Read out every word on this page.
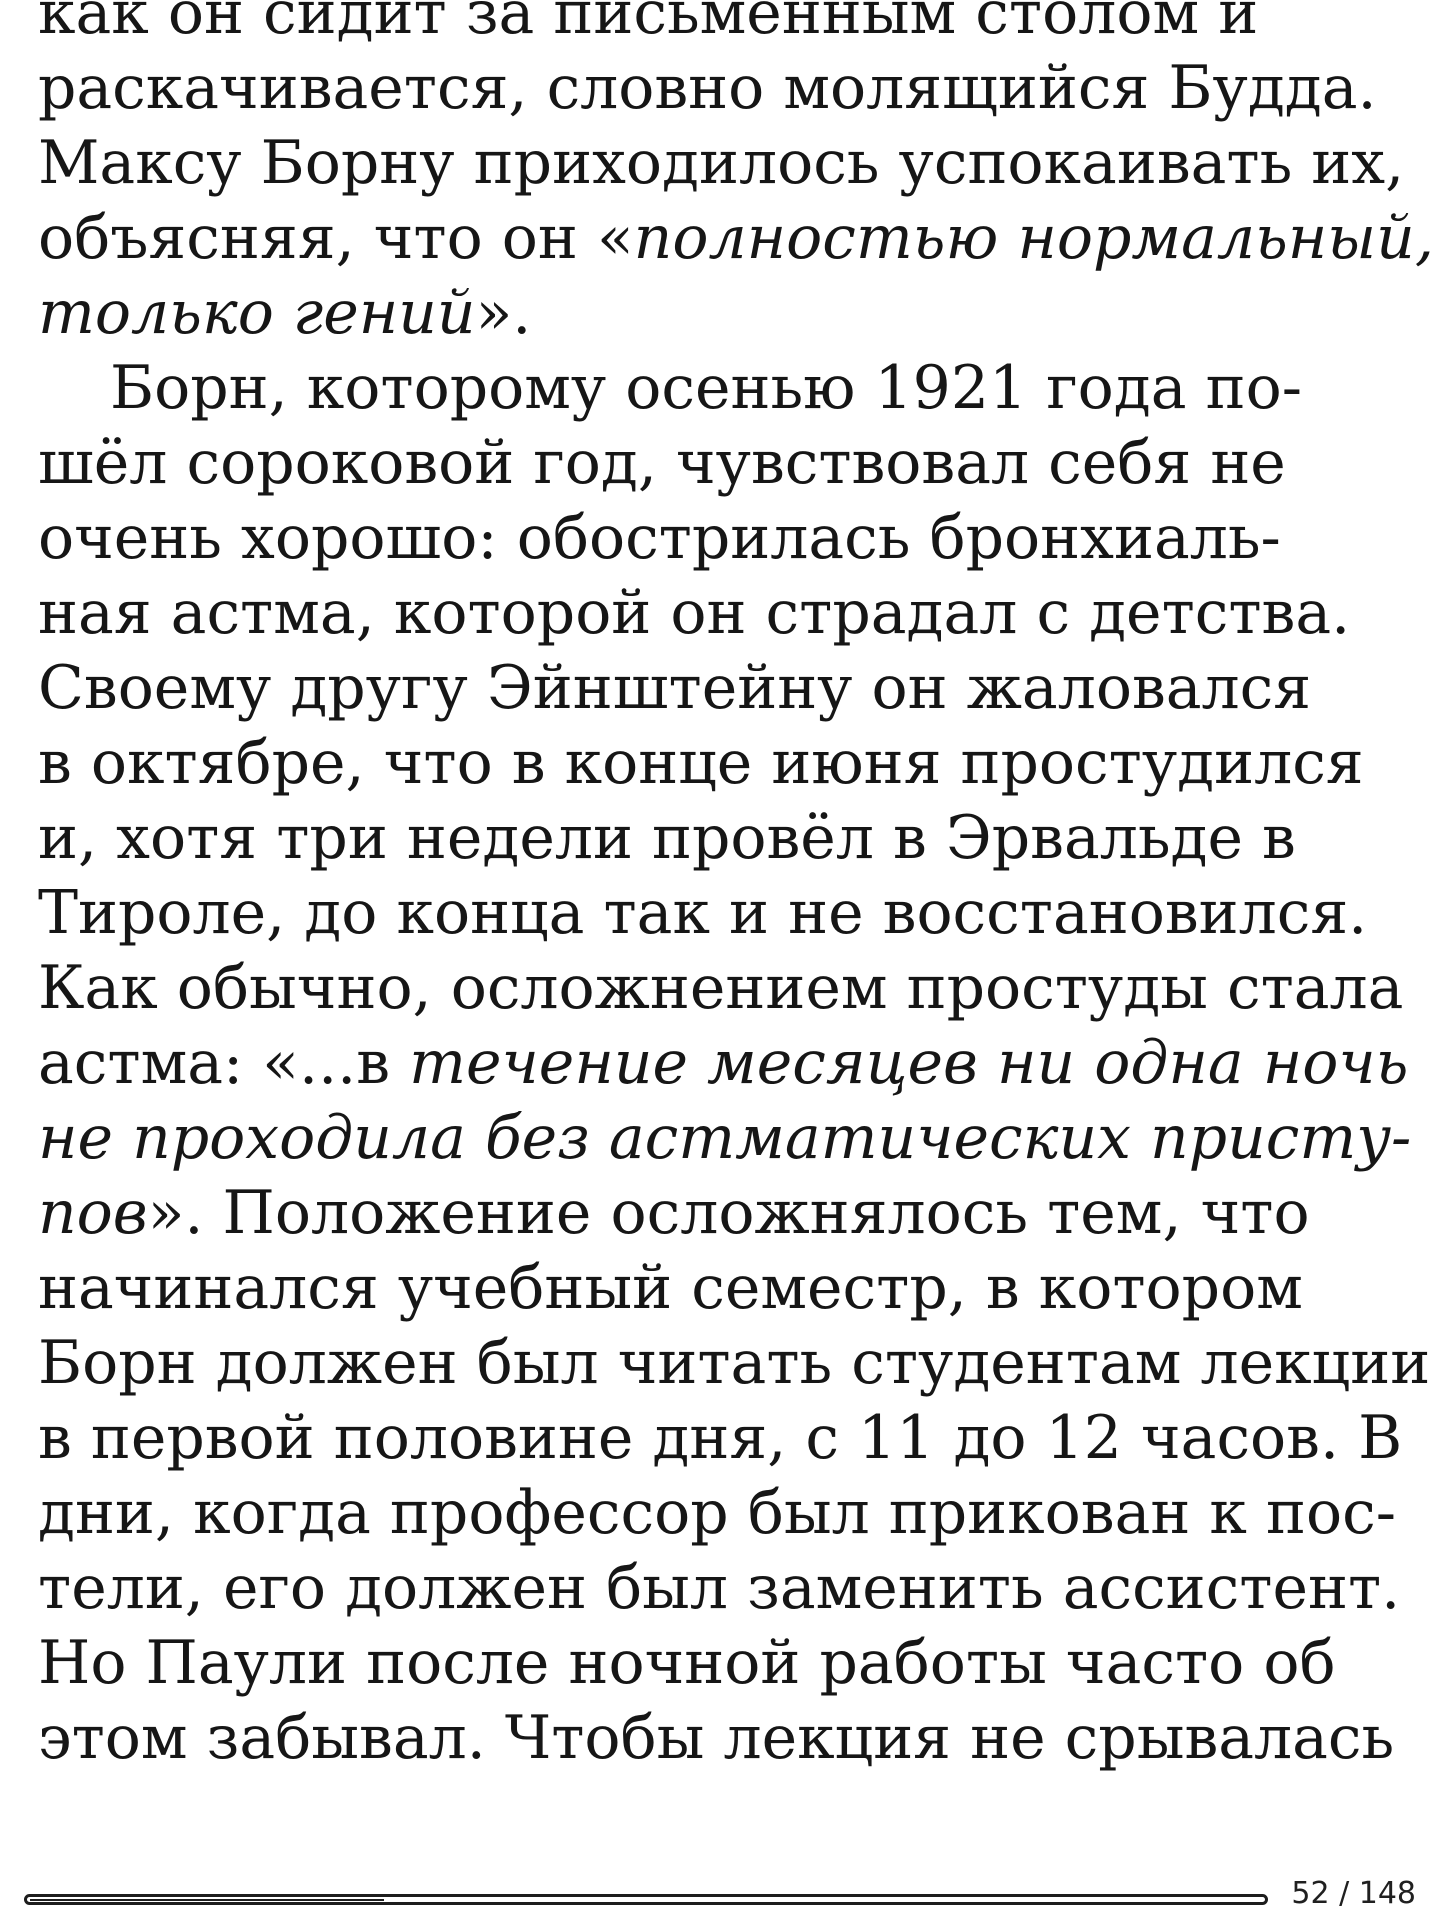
как он сидит за письменным столом и
раскачивается, словно молящийся Будда.
Максу Борну приходилось успокаивать их,
объясняя, что он «полностью нормальный,
только гений».
Борн, которому осенью 1921 года по-
шёл сороковой год, чувствовал себя не
очень хорошо: обострилась бронхиаль-
ная астма, которой он страдал с детства.
Своему другу Эйнштейну он жаловался
в октябре, что в конце июня простудился
и, хотя три недели провёл в Эрвальде в
Тироле, до конца так и не восстановился.
Как обычно, осложнением простуды стала
астма: «...в течение месяцев ни одна ночь
не проходила без астматических присту-
пов». Положение осложнялось тем, что
начинался учебный семестр, в котором
Борн должен был читать студентам лекции
в первой половине дня, с 11 до 12 часов. В
дни, когда профессор был прикован к пос-
тели, его должен был заменить ассистент.
Но Паули после ночной работы часто об
этом забывал. Чтобы лекция не срывалась
52 / 148
